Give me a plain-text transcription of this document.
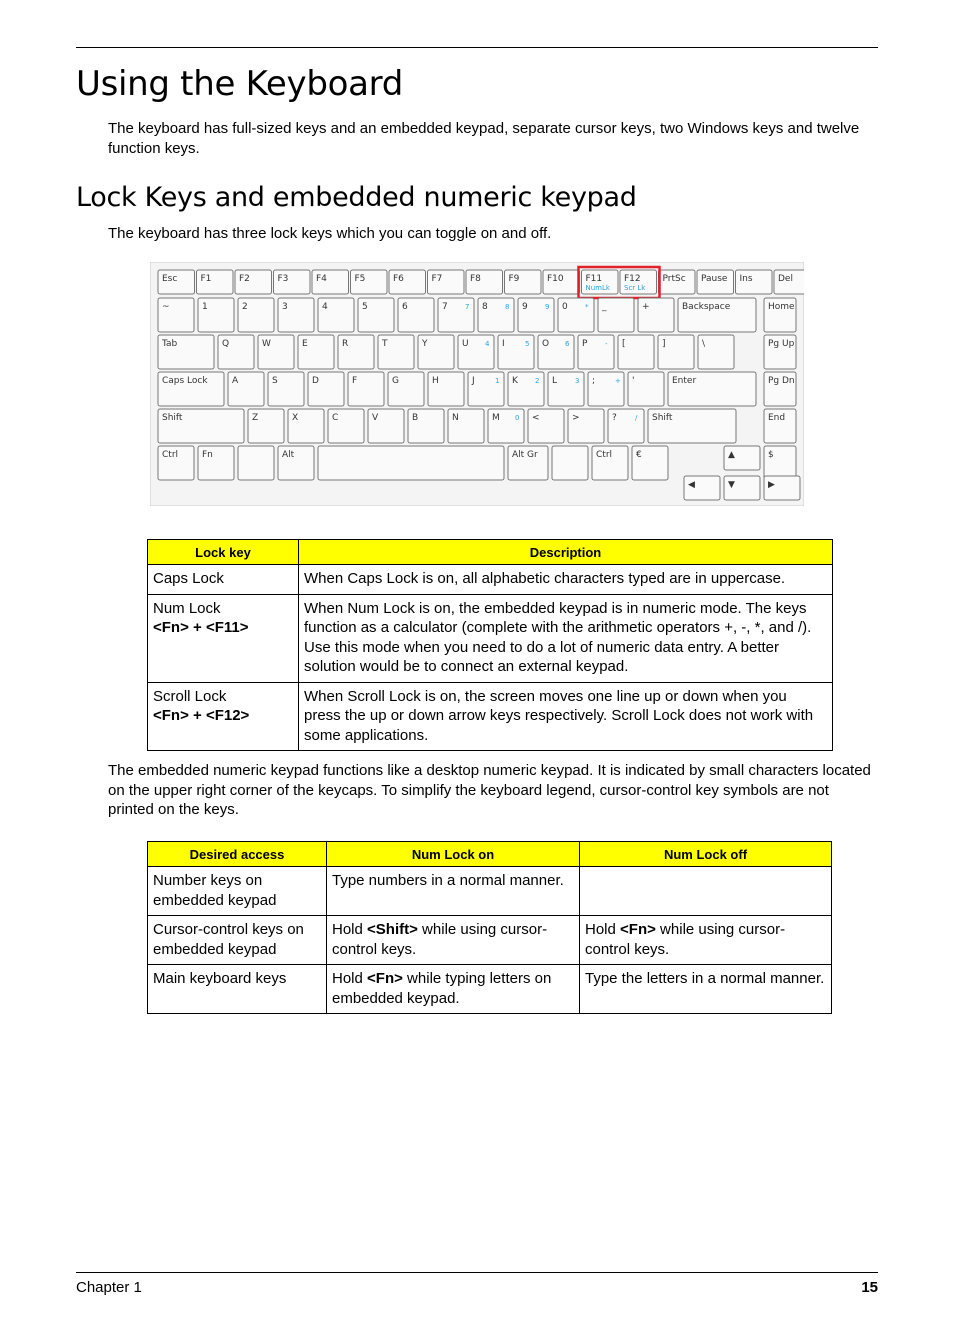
Using the Keyboard

The keyboard has full-sized keys and an embedded keypad, separate cursor keys, two Windows keys and twelve function keys.

Lock Keys and embedded numeric keypad

The keyboard has three lock keys which you can toggle on and off.

Esc	F1	F2	F3	F4	F5	F6	F7	F8	F9	F10 F11 F12 PrtSc Pause Ins	Del
NumLk Scr Lk
~	1	2	3	4	5	6	7 7 8 8 9 9 0 * _	+	Backspace	Home
Tab	Q	W	E	R	T	Y	U 4 I	5 O 6 P	- [	]	\	Pg Up
Caps Lock	A	S	D	F	G	H	J	1 K 2 L	3 ;	+ '	Enter	Pg Dn
Shift	Z	X	C	V	B	N	M 0 <	>	?	/ Shift	End
Ctrl	Fn	Alt	Alt Gr	Ctrl	€	$
▲
◀	▼	▶
Lock key	Description
Caps Lock	When Caps Lock is on, all alphabetic characters typed are in uppercase.
Num Lock
<Fn> + <F11>	When Num Lock is on, the embedded keypad is in numeric mode. The keys function as a calculator (complete with the arithmetic operators +, -, *, and /). Use this mode when you need to do a lot of numeric data entry. A better solution would be to connect an external keypad.
Scroll Lock
<Fn> + <F12>	When Scroll Lock is on, the screen moves one line up or down when you press the up or down arrow keys respectively. Scroll Lock does not work with some applications.

The embedded numeric keypad functions like a desktop numeric keypad. It is indicated by small characters located on the upper right corner of the keycaps. To simplify the keyboard legend, cursor-control key symbols are not printed on the keys.

Desired access	Num Lock on	Num Lock off
Number keys on embedded keypad	Type numbers in a normal manner.	
Cursor-control keys on embedded keypad	Hold <Shift> while using cursor-control keys.	Hold <Fn> while using cursor-control keys.
Main keyboard keys	Hold <Fn> while typing letters on embedded keypad.	Type the letters in a normal manner.
Chapter 1	15
